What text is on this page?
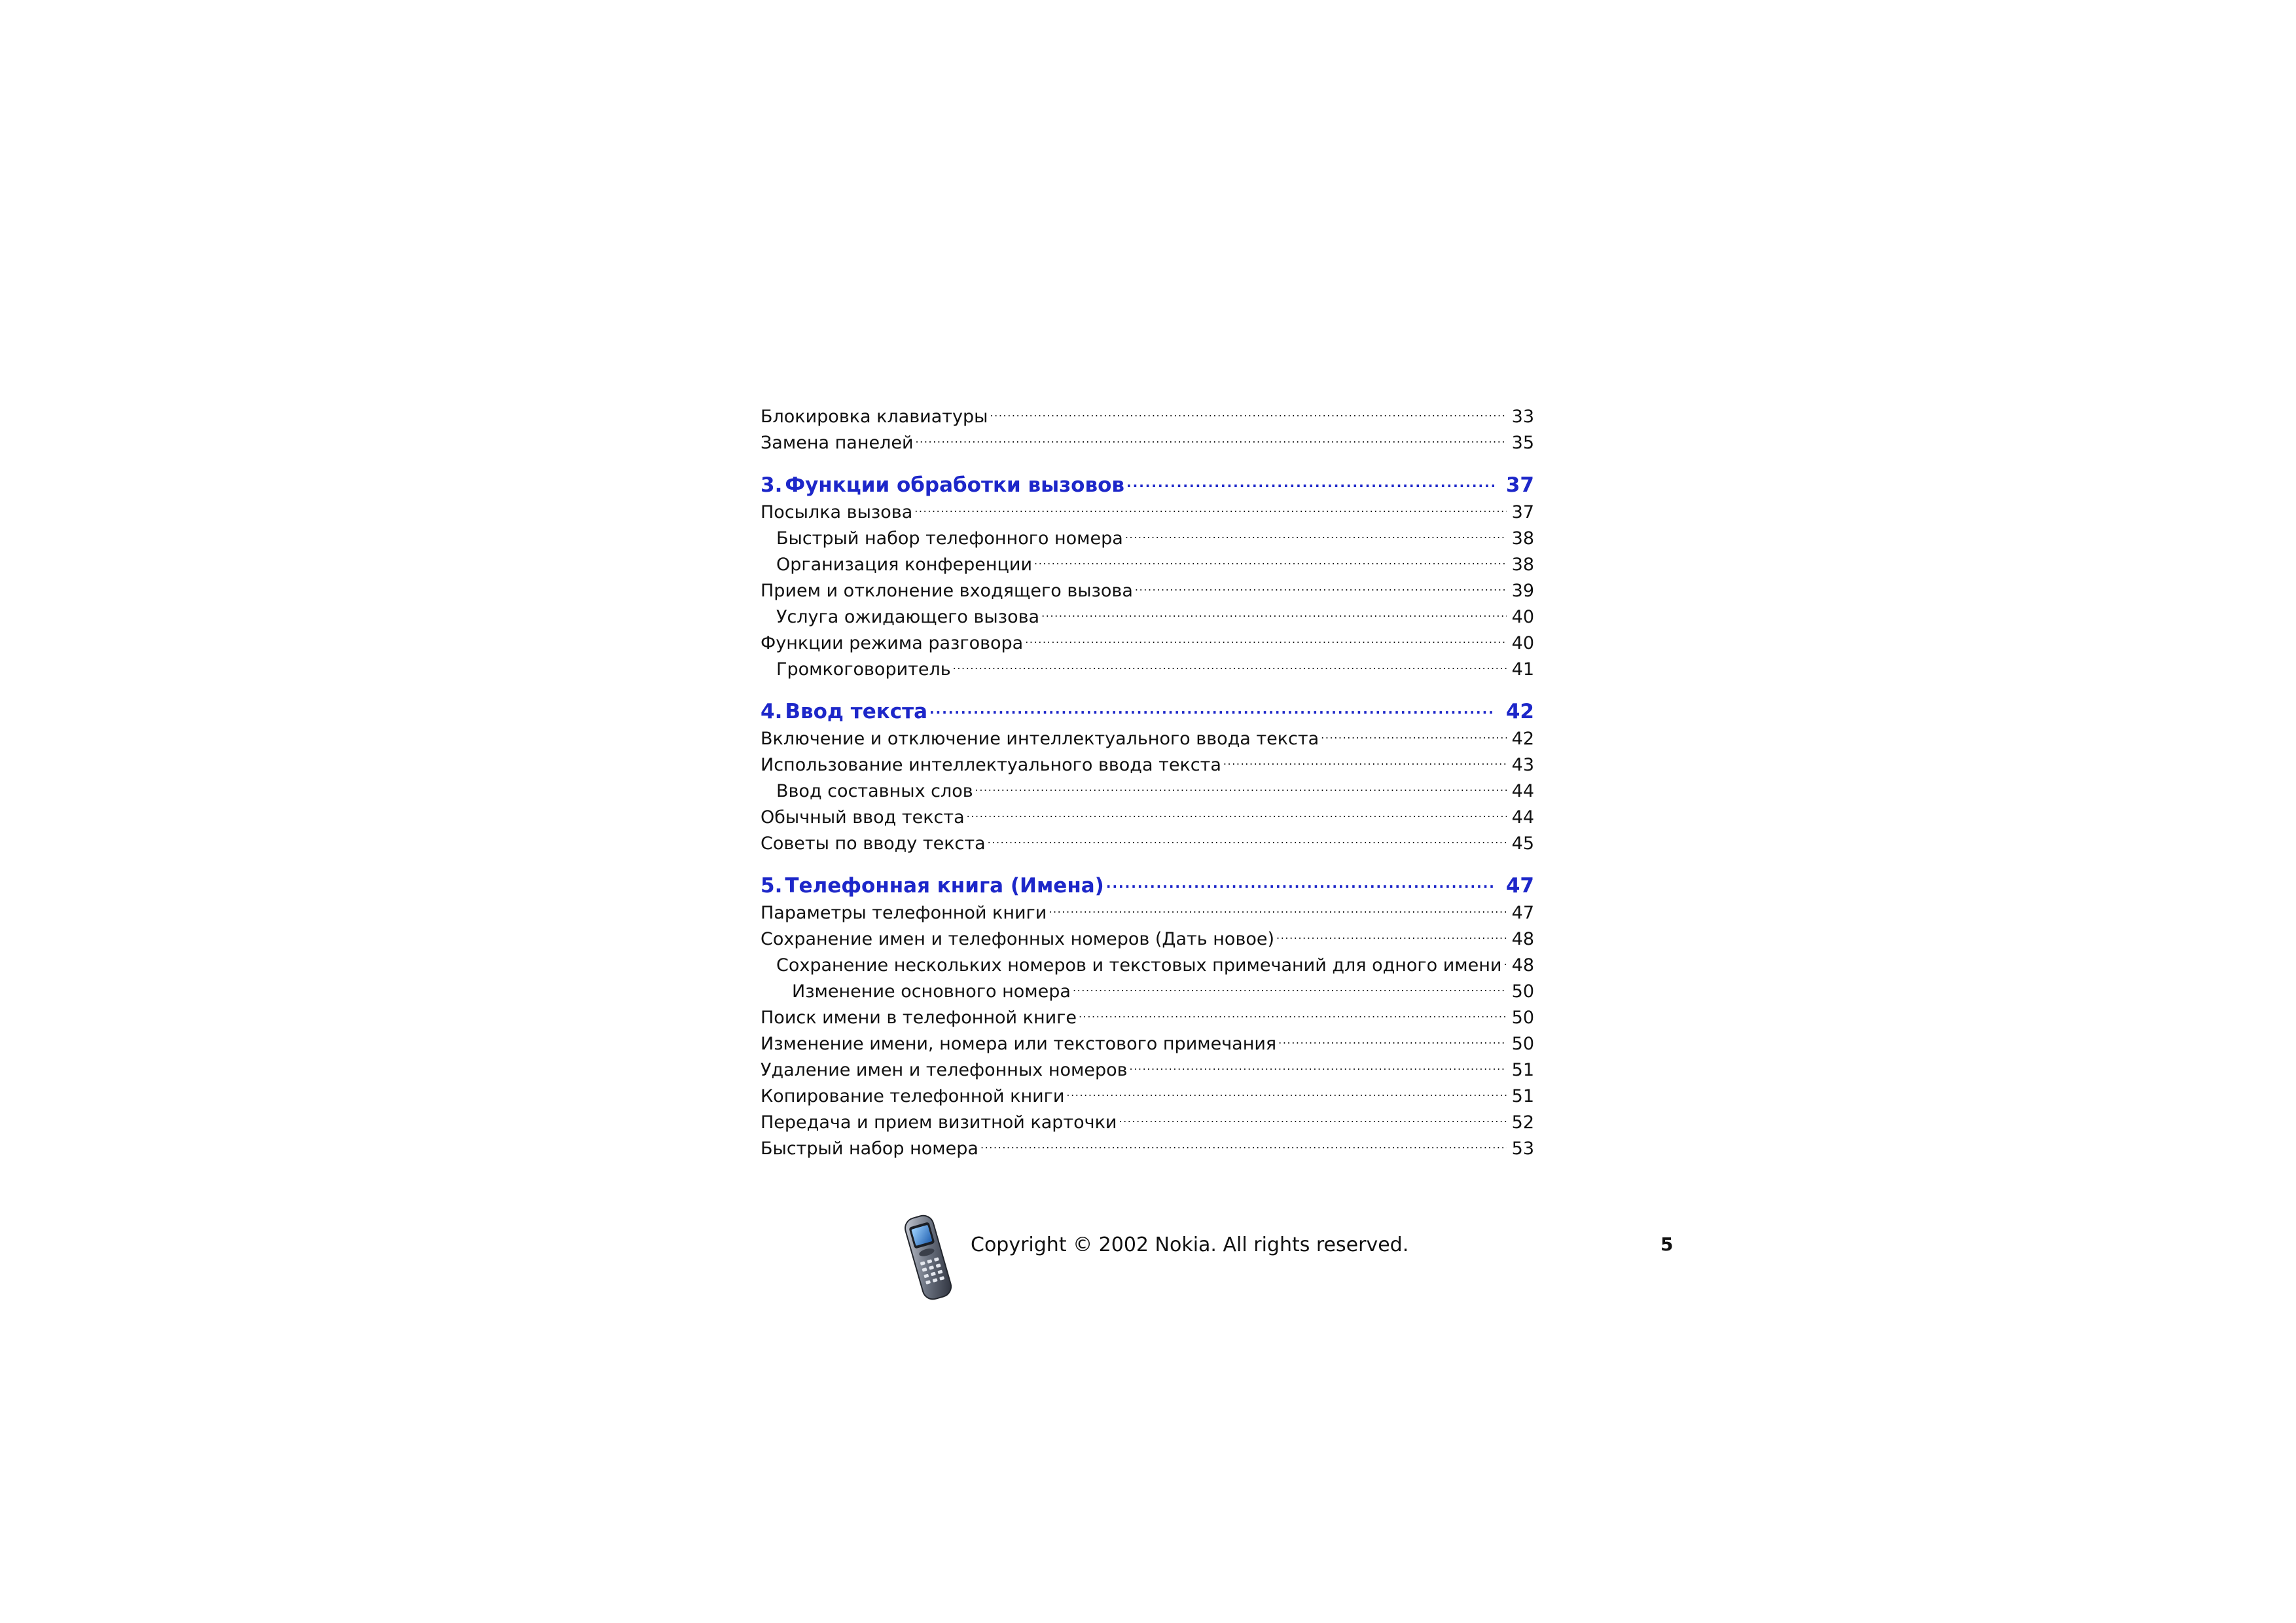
Блокировка клавиатуры .....	33
Замена панелей .....	35
3. Функции обработки вызовов .....	37
Посылка вызова .....	37
Быстрый набор телефонного номера .....	38
Организация конференции .....	38
Прием и отклонение входящего вызова .....	39
Услуга ожидающего вызова .....	40
Функции режима разговора .....	40
Громкоговоритель .....	41
4. Ввод текста .....	42
Включение и отключение интеллектуального ввода текста .....	42
Использование интеллектуального ввода текста .....	43
Ввод составных слов .....	44
Обычный ввод текста .....	44
Советы по вводу текста .....	45
5. Телефонная книга (Имена) .....	47
Параметры телефонной книги .....	47
Сохранение имен и телефонных номеров (Дать новое) .....	48
Сохранение нескольких номеров и текстовых примечаний для одного имени ..... 48
Изменение основного номера .....	50
Поиск имени в телефонной книге .....	50
Изменение имени, номера или текстового примечания .....	50
Удаление имен и телефонных номеров .....	51
Копирование телефонной книги .....	51
Передача и прием визитной карточки .....	52
Быстрый набор номера .....	53
Copyright © 2002 Nokia. All rights reserved.	5
